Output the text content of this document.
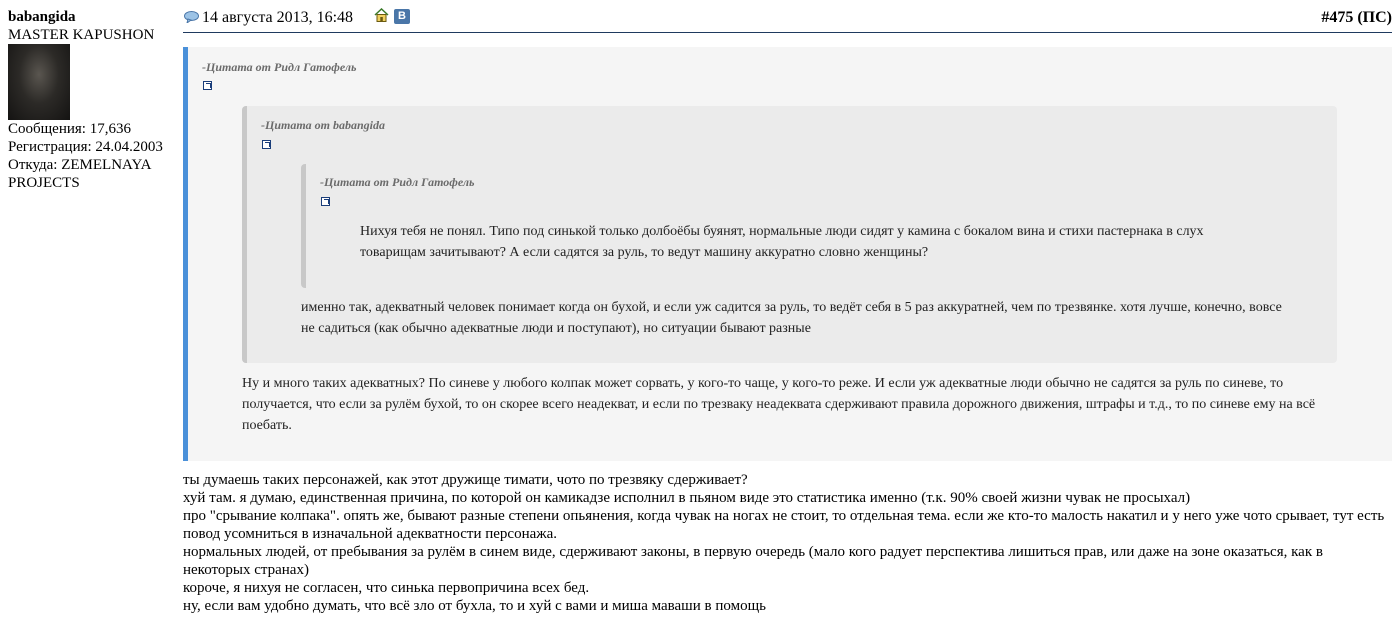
babangida
MASTER KAPUSHON
Сообщения: 17,636
Регистрация: 24.04.2003
Откуда: ZEMELNAYA PROJECTS
14 августа 2013, 16:48	В	#475 (ПС)
-Цитата от Ридл Гатофель
-Цитата от babangida
-Цитата от Ридл Гатофель
Нихуя тебя не понял. Типо под синькой только долбоёбы буянят, нормальные люди сидят у камина с бокалом вина и стихи пастернака в слух товарищам зачитывают? А если садятся за руль, то ведут машину аккуратно словно женщины?
именно так, адекватный человек понимает когда он бухой, и если уж садится за руль, то ведёт себя в 5 раз аккуратней, чем по трезвянке. хотя лучше, конечно, вовсе не садиться (как обычно адекватные люди и поступают), но ситуации бывают разные
Ну и много таких адекватных? По синеве у любого колпак может сорвать, у кого-то чаще, у кого-то реже. И если уж адекватные люди обычно не садятся за руль по синеве, то получается, что если за рулём бухой, то он скорее всего неадекват, и если по трезваку неадеквата сдерживают правила дорожного движения, штрафы и т.д., то по синеве ему на всё поебать.
ты думаешь таких персонажей, как этот дружище тимати, чото по трезвяку сдерживает?
хуй там. я думаю, единственная причина, по которой он камикадзе исполнил в пьяном виде это статистика именно (т.к. 90% своей жизни чувак не просыхал)
про "срывание колпака". опять же, бывают разные степени опьянения, когда чувак на ногах не стоит, то отдельная тема. если же кто-то малость накатил и у него уже чото срывает, тут есть повод усомниться в изначальной адекватности персонажа.
нормальных людей, от пребывания за рулём в синем виде, сдерживают законы, в первую очередь (мало кого радует перспектива лишиться прав, или даже на зоне оказаться, как в некоторых странах)
короче, я нихуя не согласен, что синька первопричина всех бед.
ну, если вам удобно думать, что всё зло от бухла, то и хуй с вами и миша маваши в помощь
